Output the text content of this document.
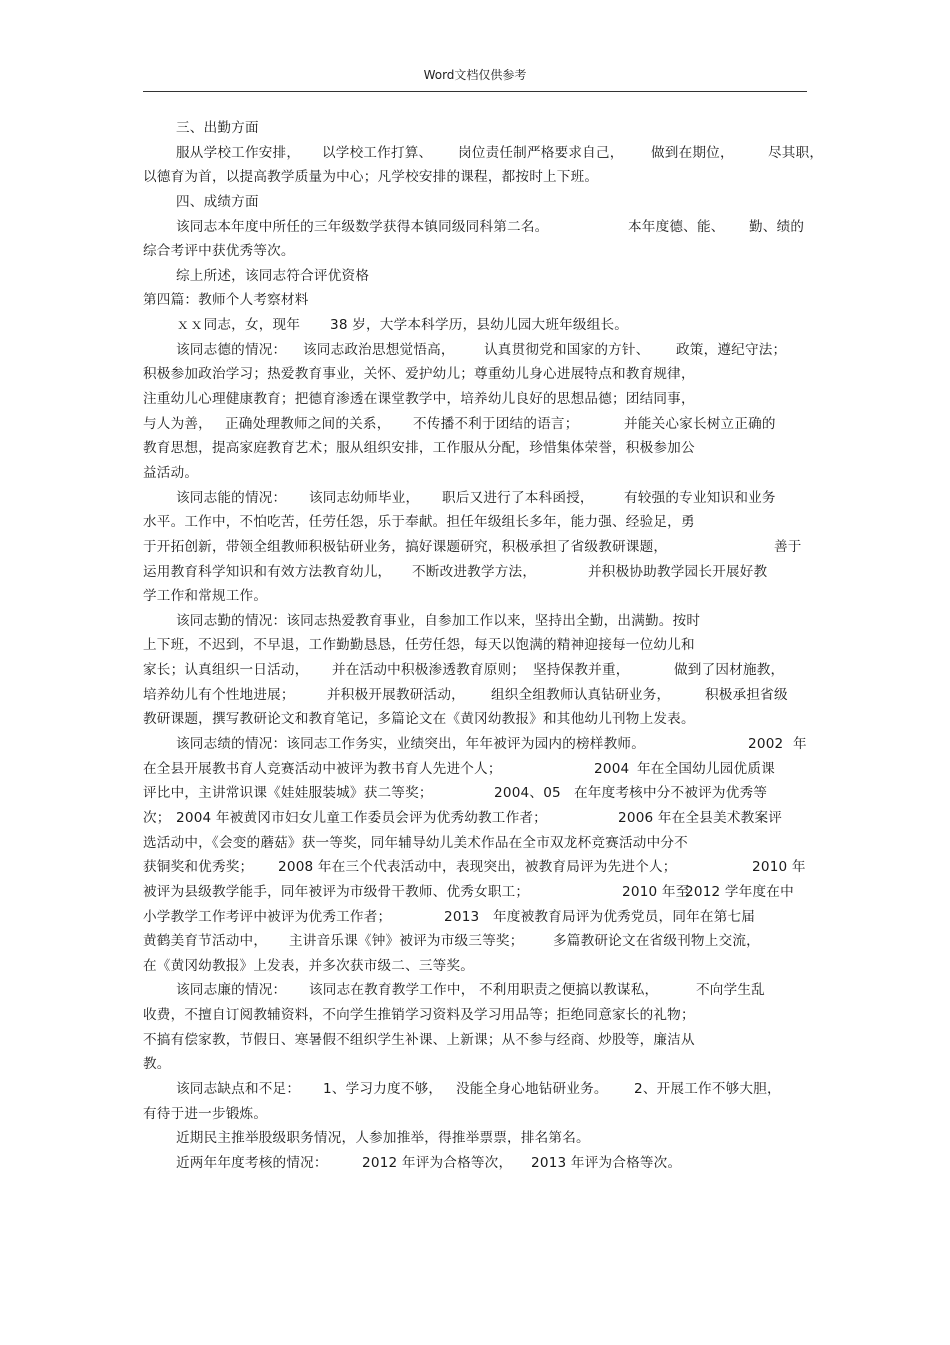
Word文档仅供参考
三、出勤方面
服从学校工作安排， 以学校工作打算、 岗位责任制严格要求自己， 做到在期位，	尽其职，
以德育为首，以提高教学质量为中心；凡学校安排的课程，都按时上下班。
四、成绩方面
该同志本年度中所任的三年级数学获得本镇同级同科第二名。	本年度德、能、 勤、绩的
综合考评中获优秀等次。
综上所述，该同志符合评优资格
第四篇：教师个人考察材料
ｘｘ同志，女，现年 38 岁，大学本科学历，县幼儿园大班年级组长。
该同志德的情况： 该同志政治思想觉悟高， 认真贯彻党和国家的方针、 政策，遵纪守法；
积极参加政治学习；热爱教育事业，关怀、爱护幼儿；尊重幼儿身心进展特点和教育规律，
注重幼儿心理健康教育；把德育渗透在课堂教学中，培养幼儿良好的思想品德；团结同事，
与人为善， 正确处理教师之间的关系， 不传播不利于团结的语言；	并能关心家长树立正确的
教育思想，提高家庭教育艺术；服从组织安排，工作服从分配，珍惜集体荣誉，积极参加公
益活动。
该同志能的情况： 该同志幼师毕业， 职后又进行了本科函授， 有较强的专业知识和业务
水平。工作中，不怕吃苦，任劳任怨，乐于奉献。担任年级组长多年，能力强、经验足，勇
于开拓创新，带领全组教师积极钻研业务，搞好课题研究，积极承担了省级教研课题，	善于
运用教育科学知识和有效方法教育幼儿， 不断改进教学方法，	并积极协助教学园长开展好教
学工作和常规工作。
该同志勤的情况：该同志热爱教育事业，自参加工作以来，坚持出全勤，出满勤。按时
上下班，不迟到，不早退，工作勤勤恳恳，任劳任怨，每天以饱满的精神迎接每一位幼儿和
家长；认真组织一日活动， 并在活动中积极渗透教育原则； 坚持保教并重，	做到了因材施教，
培养幼儿有个性地进展； 并积极开展教研活动， 组织全组教师认真钻研业务，	积极承担省级
教研课题，撰写教研论文和教育笔记，多篇论文在《黄冈幼教报》和其他幼儿刊物上发表。
该同志绩的情况：该同志工作务实，业绩突出，年年被评为园内的榜样教师。	2002 年
在全县开展教书育人竞赛活动中被评为教书育人先进个人；	2004 年在全国幼儿园优质课
评比中，主讲常识课《娃娃服装城》获二等奖；	2004、05 在年度考核中分不被评为优秀等
次； 2004 年被黄冈市妇女儿童工作委员会评为优秀幼教工作者；	2006 年在全县美术教案评
选活动中，《会变的蘑菇》获一等奖，同年辅导幼儿美术作品在全市双龙杯竞赛活动中分不
获铜奖和优秀奖； 2008 年在三个代表活动中，表现突出，被教育局评为先进个人；	2010 年
被评为县级教学能手，同年被评为市级骨干教师、优秀女职工；	2010 年至
2012 学年度在中
小学教学工作考评中被评为优秀工作者；	2013 年度被教育局评为优秀党员，同年在第七届
黄鹤美育节活动中， 主讲音乐课《钟》被评为市级三等奖； 多篇教研论文在省级刊物上交流，
在《黄冈幼教报》上发表，并多次获市级二、三等奖。
该同志廉的情况： 该同志在教育教学工作中， 不利用职责之便搞以教谋私，	不向学生乱
收费，不擅自订阅教辅资料，不向学生推销学习资料及学习用品等；拒绝同意家长的礼物；
不搞有偿家教，节假日、寒暑假不组织学生补课、上新课；从不参与经商、炒股等，廉洁从
教。
该同志缺点和不足： 1、学习力度不够， 没能全身心地钻研业务。 2、开展工作不够大胆，
有待于进一步锻炼。
近期民主推举股级职务情况，人参加推举，得推举票票，排名第名。
近两年年度考核的情况：	2012 年评为合格等次， 2013 年评为合格等次。
